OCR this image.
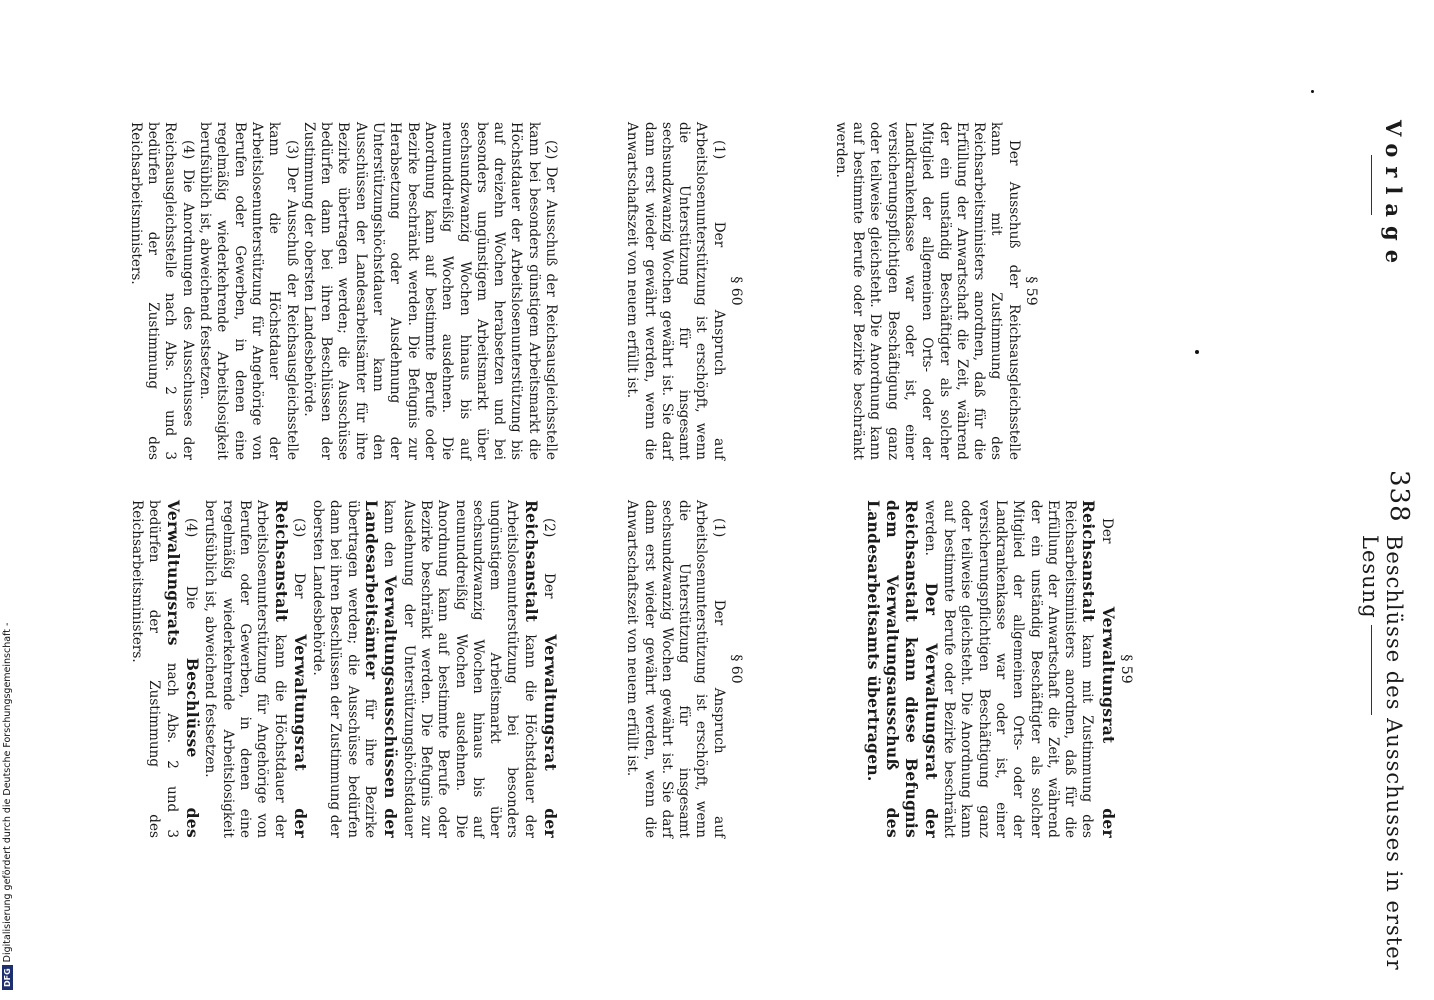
Vorlage
338
Beschlüsse des Ausschusses in erster Lesung

§ 59

Der Ausschuß der Reichsausgleichsstelle kann mit Zustimmung des Reichsarbeitsministers anordnen, daß für die Erfüllung der Anwartschaft die Zeit, während der ein unständig Beschäftigter als solcher Mitglied der allgemeinen Orts- oder der Landkrankenkasse war oder ist, einer versicherungspflichtigen Beschäftigung ganz oder teilweise gleichsteht. Die Anordnung kann auf bestimmte Berufe oder Bezirke beschränkt werden.

§ 60

(1) Der Anspruch auf Arbeitslosenunterstützung ist erschöpft, wenn die Unterstützung für insgesamt sechsundzwanzig Wochen gewährt ist. Sie darf dann erst wieder gewährt werden, wenn die Anwartschaftszeit von neuem erfüllt ist.

(2) Der Ausschuß der Reichsausgleichsstelle kann bei besonders günstigem Arbeitsmarkt die Höchstdauer der Arbeitslosenunterstützung bis auf dreizehn Wochen herabsetzen und bei besonders ungünstigem Arbeitsmarkt über sechsundzwanzig Wochen hinaus bis auf neununddreißig Wochen ausdehnen. Die Anordnung kann auf bestimmte Berufe oder Bezirke beschränkt werden. Die Befugnis zur Herabsetzung oder Ausdehnung der Unterstützungshöchstdauer kann den Ausschüssen der Landesarbeitsämter für ihre Bezirke übertragen werden; die Ausschüsse bedürfen dann bei ihren Beschlüssen der Zustimmung der obersten Landesbehörde.

(3) Der Ausschuß der Reichsausgleichsstelle kann die Höchstdauer der Arbeitslosenunterstützung für Angehörige von Berufen oder Gewerben, in denen eine regelmäßig wiederkehrende Arbeitslosigkeit berufsüblich ist, abweichend festsetzen.

(4) Die Anordnungen des Ausschusses der Reichsausgleichsstelle nach Abs. 2 und 3 bedürfen der Zustimmung des Reichsarbeitsministers.

§ 59

Der Verwaltungsrat der Reichsanstalt kann mit Zustimmung des Reichsarbeitsministers anordnen, daß für die Erfüllung der Anwartschaft die Zeit, während der ein unständig Beschäftigter als solcher Mitglied der allgemeinen Orts- oder der Landkrankenkasse war oder ist, einer versicherungspflichtigen Beschäftigung ganz oder teilweise gleichsteht. Die Anordnung kann auf bestimmte Berufe oder Bezirke beschränkt werden. Der Verwaltungsrat der Reichsanstalt kann diese Befugnis dem Verwaltungsausschuß des Landesarbeitsamts übertragen.

§ 60

(1) Der Anspruch auf Arbeitslosenunterstützung ist erschöpft, wenn die Unterstützung für insgesamt sechsundzwanzig Wochen gewährt ist. Sie darf dann erst wieder gewährt werden, wenn die Anwartschaftszeit von neuem erfüllt ist.

(2) Der Verwaltungsrat der Reichsanstalt kann die Höchstdauer der Arbeitslosenunterstützung bei besonders ungünstigem Arbeitsmarkt über sechsundzwanzig Wochen hinaus bis auf neununddreißig Wochen ausdehnen. Die Anordnung kann auf bestimmte Berufe oder Bezirke beschränkt werden. Die Befugnis zur Ausdehnung der Unterstützungshöchstdauer kann den Verwaltungsausschüssen der Landesarbeitsämter für ihre Bezirke übertragen werden; die Ausschüsse bedürfen dann bei ihren Beschlüssen der Zustimmung der obersten Landesbehörde.

(3) Der Verwaltungsrat der Reichsanstalt kann die Höchstdauer der Arbeitslosenunterstützung für Angehörige von Berufen oder Gewerben, in denen eine regelmäßig wiederkehrende Arbeitslosigkeit berufsüblich ist, abweichend festsetzen.

(4) Die Beschlüsse des Verwaltungsrats nach Abs. 2 und 3 bedürfen der Zustimmung des Reichsarbeitsministers.

DFGDigitalisierung gefördert durch die Deutsche Forschungsgemeinschaft -
